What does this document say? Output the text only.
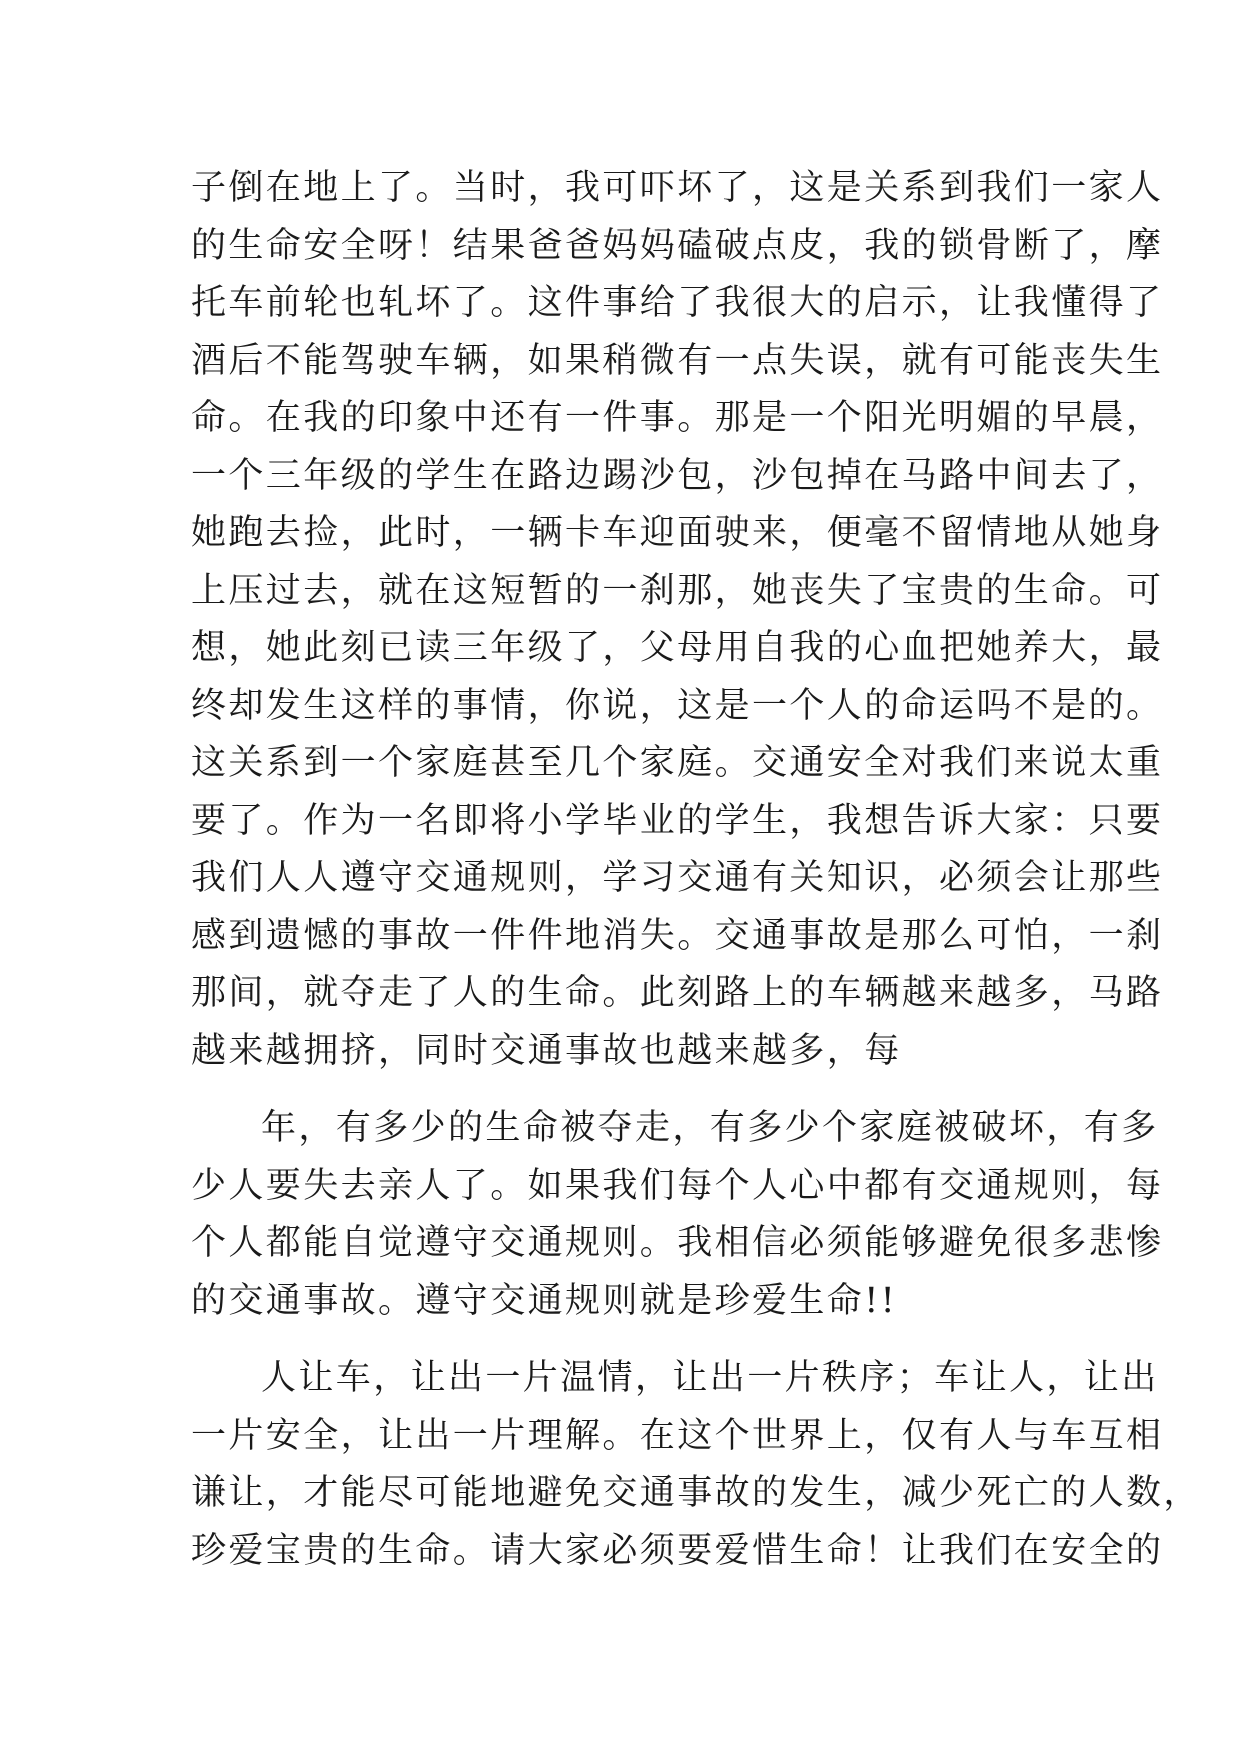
子倒在地上了。当时，我可吓坏了，这是关系到我们一家人
的生命安全呀！结果爸爸妈妈磕破点皮，我的锁骨断了，摩
托车前轮也轧坏了。这件事给了我很大的启示，让我懂得了
酒后不能驾驶车辆，如果稍微有一点失误，就有可能丧失生
命。在我的印象中还有一件事。那是一个阳光明媚的早晨，
一个三年级的学生在路边踢沙包，沙包掉在马路中间去了，
她跑去捡，此时，一辆卡车迎面驶来，便毫不留情地从她身
上压过去，就在这短暂的一刹那，她丧失了宝贵的生命。可
想，她此刻已读三年级了，父母用自我的心血把她养大，最
终却发生这样的事情，你说，这是一个人的命运吗不是的。
这关系到一个家庭甚至几个家庭。交通安全对我们来说太重
要了。作为一名即将小学毕业的学生，我想告诉大家：只要
我们人人遵守交通规则，学习交通有关知识，必须会让那些
感到遗憾的事故一件件地消失。交通事故是那么可怕，一刹
那间，就夺走了人的生命。此刻路上的车辆越来越多，马路
越来越拥挤，同时交通事故也越来越多，每
年，有多少的生命被夺走，有多少个家庭被破坏，有多
少人要失去亲人了。如果我们每个人心中都有交通规则，每
个人都能自觉遵守交通规则。我相信必须能够避免很多悲惨
的交通事故。遵守交通规则就是珍爱生命!!
人让车，让出一片温情，让出一片秩序；车让人，让出
一片安全，让出一片理解。在这个世界上，仅有人与车互相
谦让，才能尽可能地避免交通事故的发生，减少死亡的人数，
珍爱宝贵的生命。请大家必须要爱惜生命！让我们在安全的
